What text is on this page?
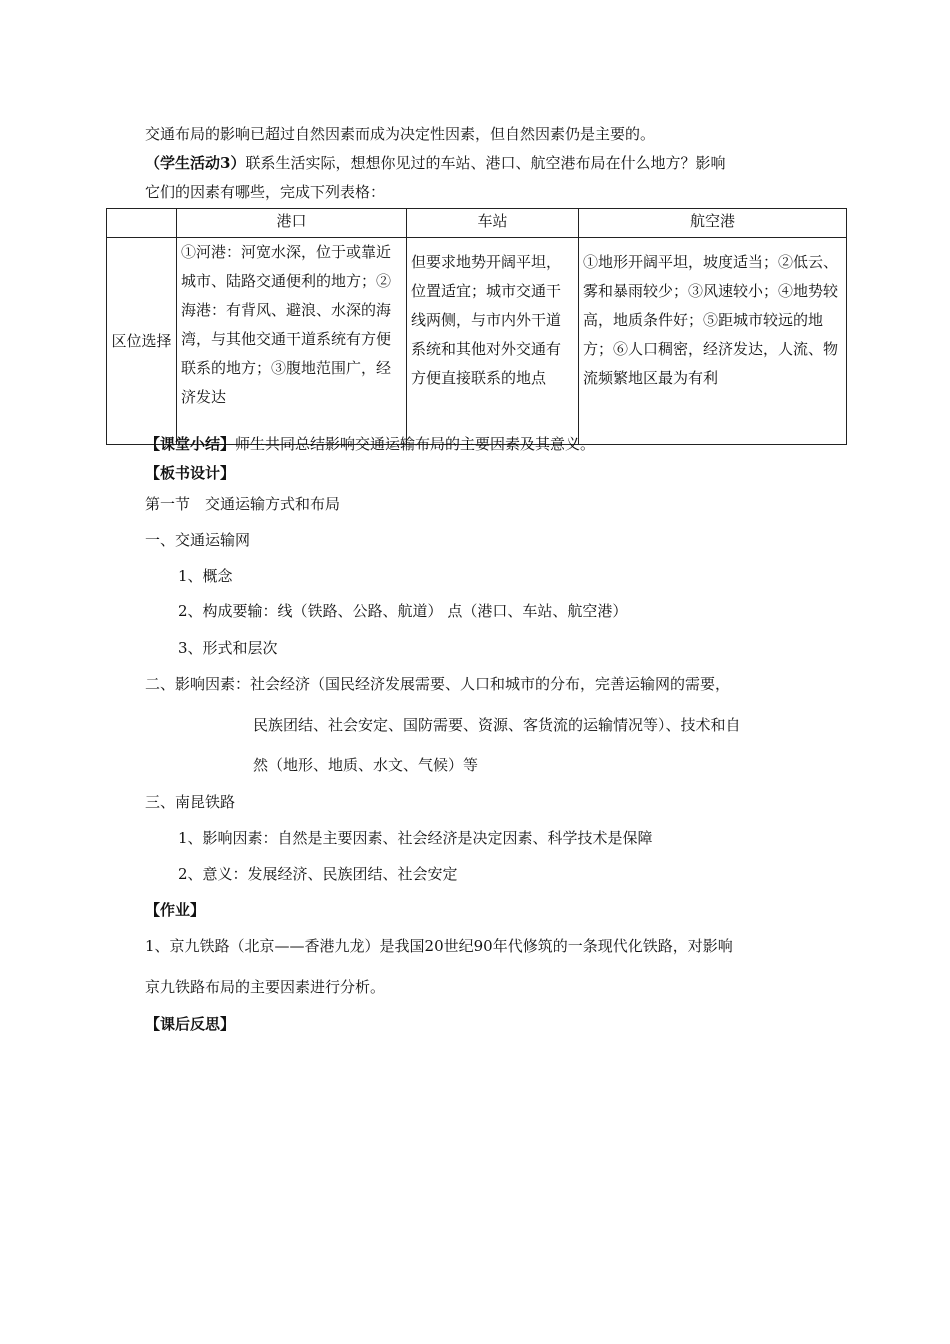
交通布局的影响已超过自然因素而成为决定性因素，但自然因素仍是主要的。
（学生活动3）联系生活实际，想想你见过的车站、港口、航空港布局在什么地方？影响
它们的因素有哪些，完成下列表格：
	港口	车站	航空港
区位选择	①河港：河宽水深，位于或靠近城市、陆路交通便利的地方；②海港：有背风、避浪、水深的海湾，与其他交通干道系统有方便联系的地方；③腹地范围广，经济发达	但要求地势开阔平坦，位置适宜；城市交通干线两侧，与市内外干道系统和其他对外交通有方便直接联系的地点	①地形开阔平坦，坡度适当；②低云、雾和暴雨较少；③风速较小；④地势较高，地质条件好；⑤距城市较远的地方；⑥人口稠密，经济发达，人流、物流频繁地区最为有利
【课堂小结】师生共同总结影响交通运输布局的主要因素及其意义。
【板书设计】
第一节　交通运输方式和布局
一、交通运输网
1、概念
2、构成要输：线（铁路、公路、航道） 点（港口、车站、航空港）
3、形式和层次
二、影响因素：社会经济（国民经济发展需要、人口和城市的分布，完善运输网的需要，
民族团结、社会安定、国防需要、资源、客货流的运输情况等）、技术和自
然（地形、地质、水文、气候）等
三、南昆铁路
1、影响因素：自然是主要因素、社会经济是决定因素、科学技术是保障
2、意义：发展经济、民族团结、社会安定
【作业】
1、京九铁路（北京——香港九龙）是我国20世纪90年代修筑的一条现代化铁路，对影响
京九铁路布局的主要因素进行分析。
【课后反思】
